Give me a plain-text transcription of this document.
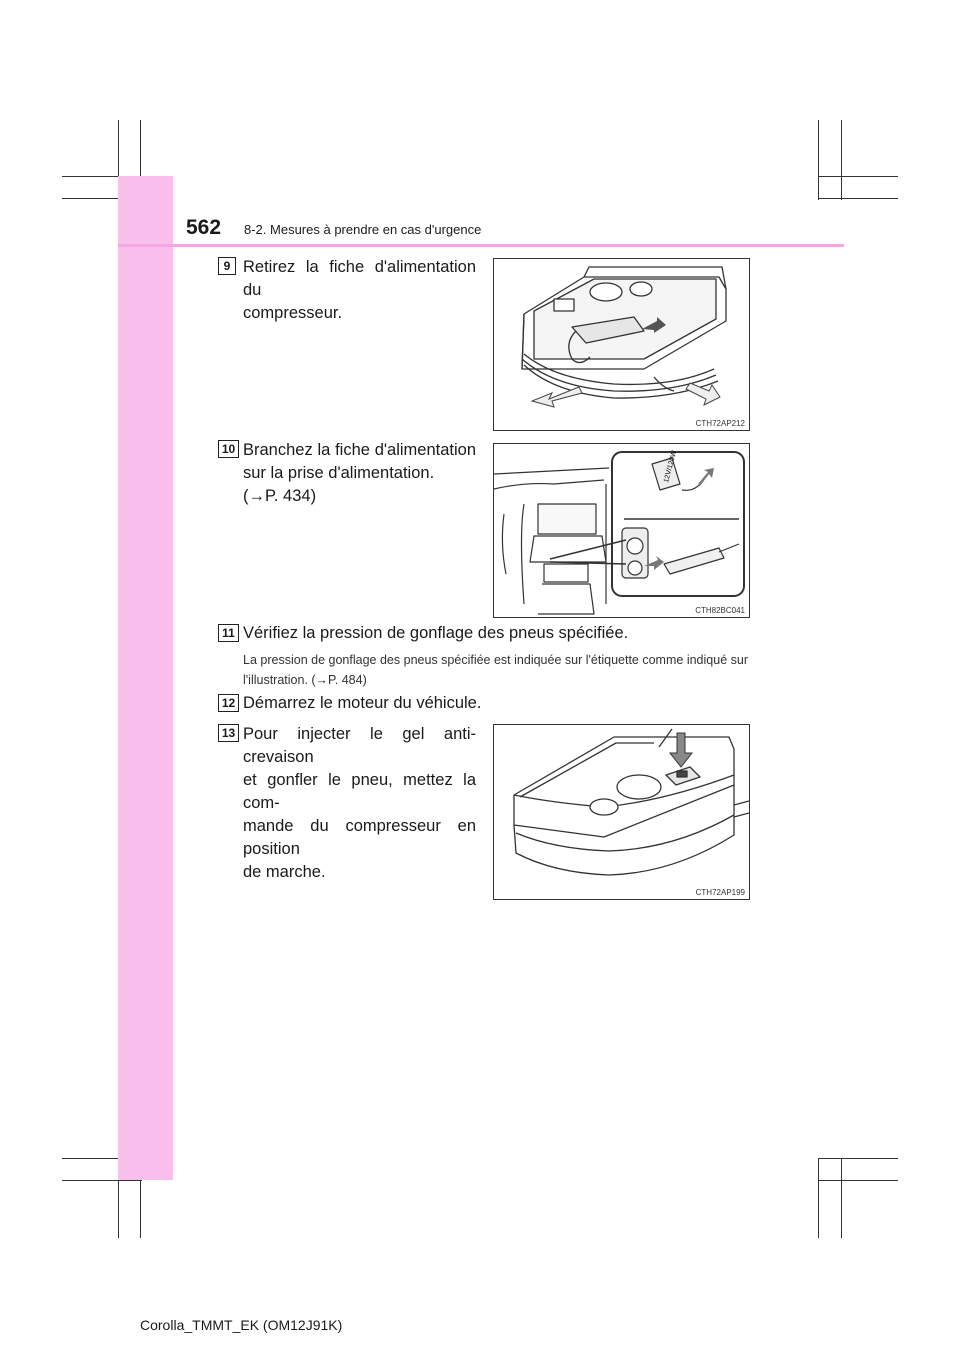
562 8-2. Mesures à prendre en cas d'urgence
9 Retirez la fiche d'alimentation du
compresseur.
CTH72AP212
10 Branchez la fiche d'alimentation
sur la prise d'alimentation.
(→P. 434)
12V/120W
CTH82BC041
11 Vérifiez la pression de gonflage des pneus spécifiée.
La pression de gonflage des pneus spécifiée est indiquée sur l'étiquette comme indiqué sur l'illustration. (→P. 484)
12 Démarrez le moteur du véhicule.
13 Pour injecter le gel anti-crevaison
et gonfler le pneu, mettez la com-
mande du compresseur en position
de marche.
CTH72AP199
Corolla_TMMT_EK (OM12J91K)
